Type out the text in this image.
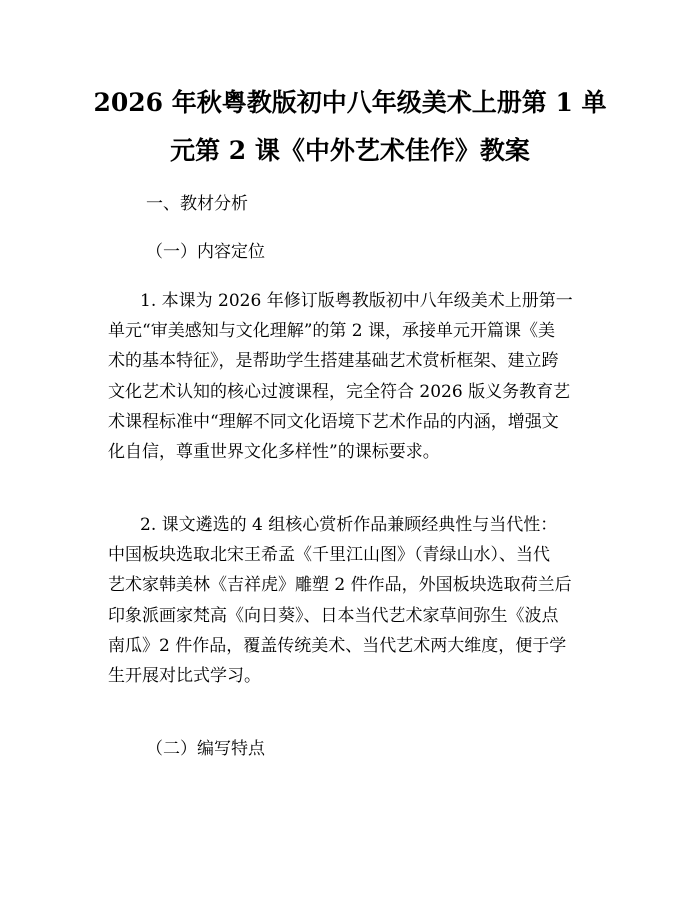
2026 年秋粤教版初中八年级美术上册第 1 单
元第 2 课《中外艺术佳作》教案
一、教材分析
（一）内容定位
1. 本课为 2026 年修订版粤教版初中八年级美术上册第一
单元“审美感知与文化理解”的第 2 课，承接单元开篇课《美
术的基本特征》，是帮助学生搭建基础艺术赏析框架、建立跨
文化艺术认知的核心过渡课程，完全符合 2026 版义务教育艺
术课程标准中“理解不同文化语境下艺术作品的内涵，增强文
化自信，尊重世界文化多样性”的课标要求。
2. 课文遴选的 4 组核心赏析作品兼顾经典性与当代性：
中国板块选取北宋王希孟《千里江山图》（青绿山水）、当代
艺术家韩美林《吉祥虎》雕塑 2 件作品，外国板块选取荷兰后
印象派画家梵高《向日葵》、日本当代艺术家草间弥生《波点
南瓜》2 件作品，覆盖传统美术、当代艺术两大维度，便于学
生开展对比式学习。
（二）编写特点
